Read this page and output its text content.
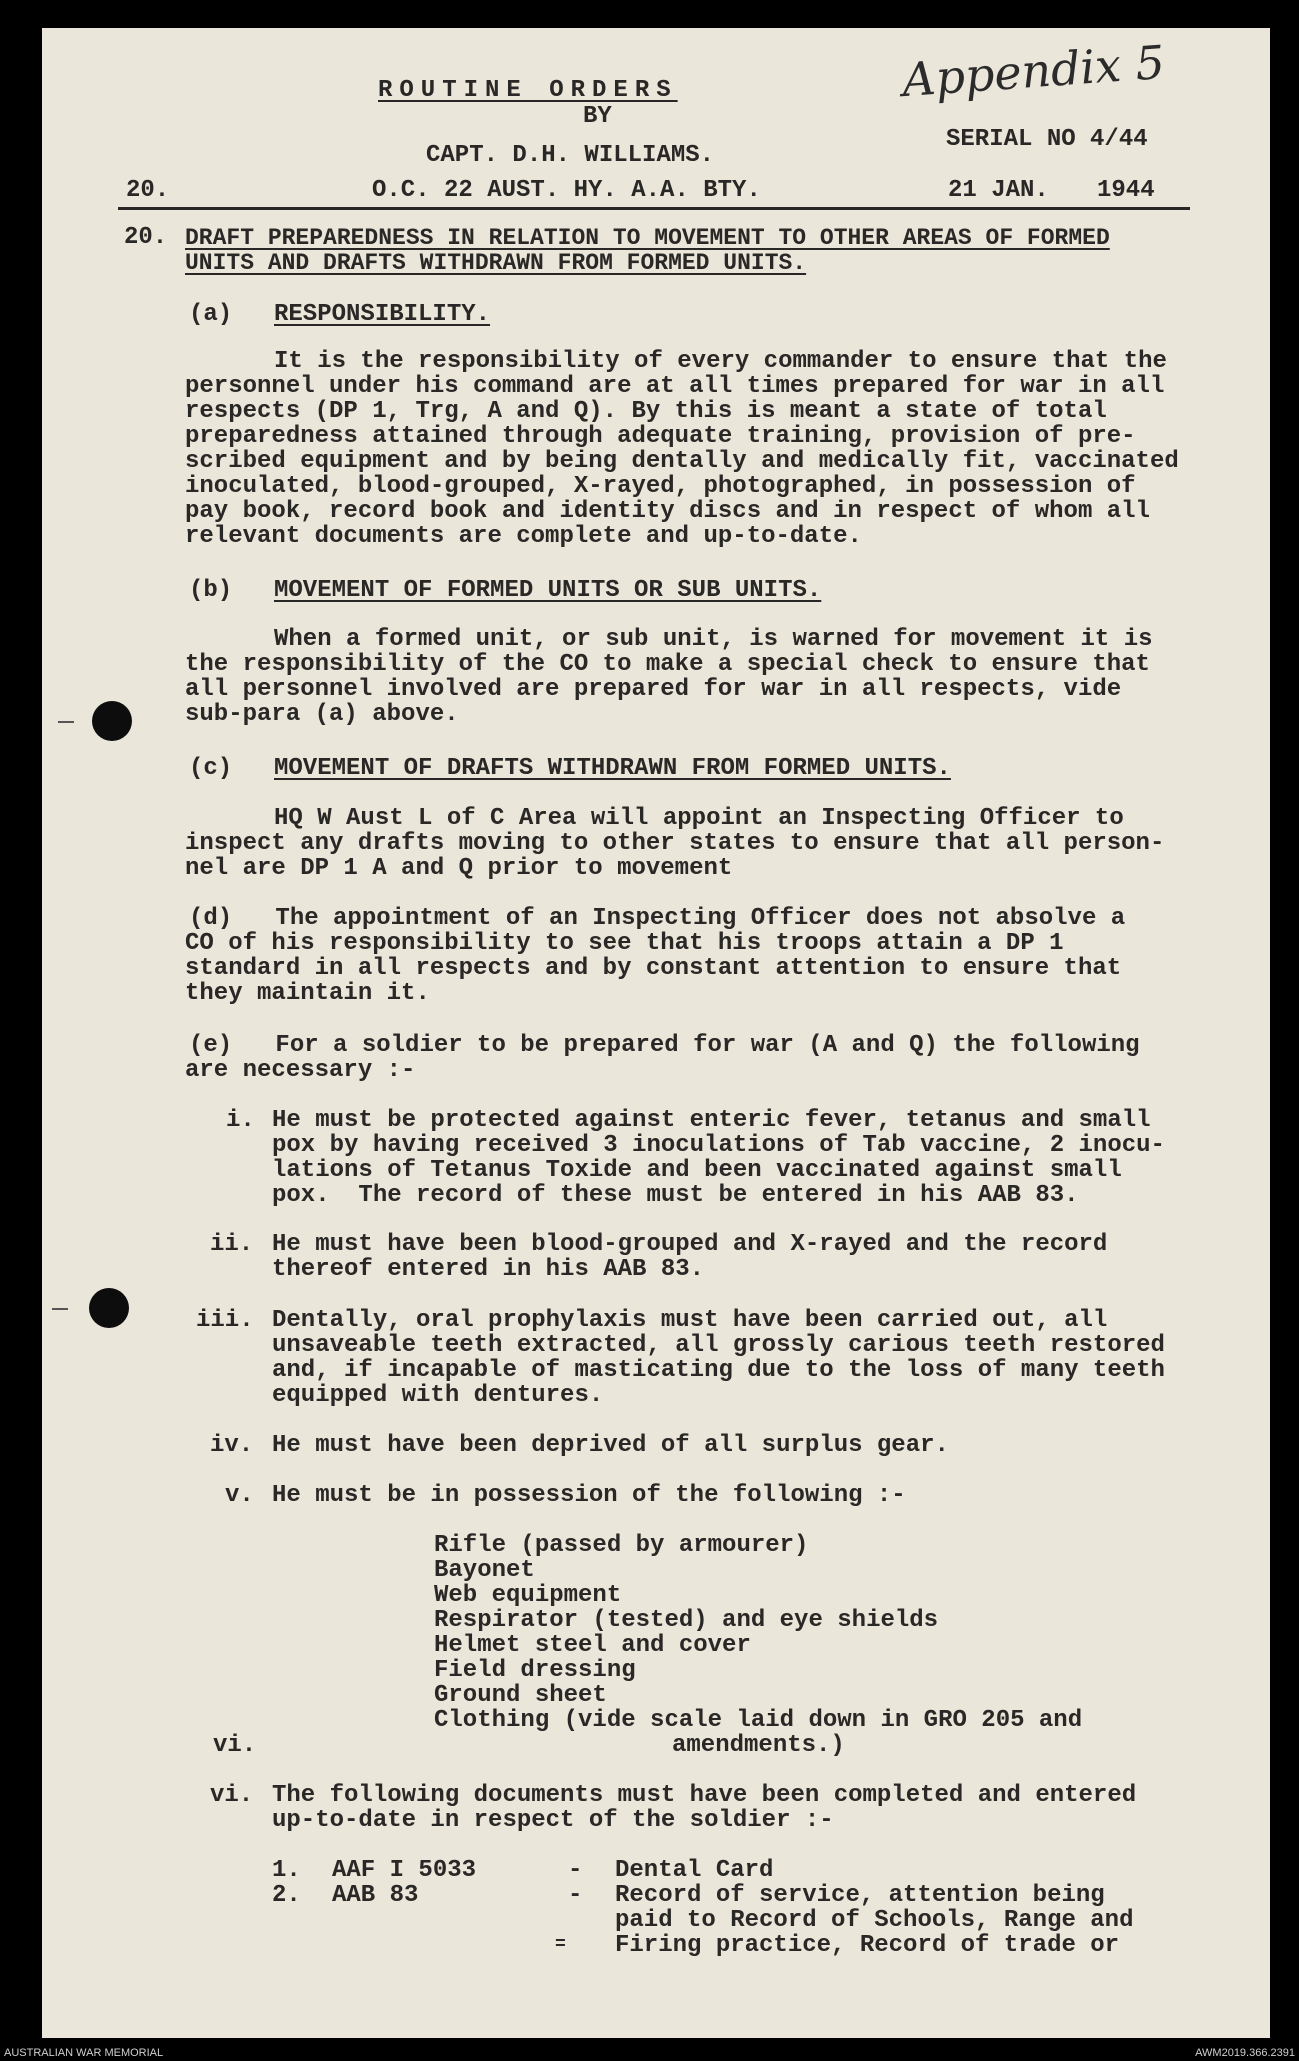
Appendix 5
ROUTINE ORDERS
BY
CAPT. D.H. WILLIAMS.
SERIAL NO 4/44
20.	O.C. 22 AUST. HY. A.A. BTY.	21 JAN. 1944
20. DRAFT PREPAREDNESS IN RELATION TO MOVEMENT TO OTHER AREAS OF FORMED
UNITS AND DRAFTS WITHDRAWN FROM FORMED UNITS.
(a) RESPONSIBILITY.
It is the responsibility of every commander to ensure that the
personnel under his command are at all times prepared for war in all
respects (DP 1, Trg, A and Q). By this is meant a state of total
preparedness attained through adequate training, provision of pre-
scribed equipment and by being dentally and medically fit, vaccinated
inoculated, blood-grouped, X-rayed, photographed, in possession of
pay book, record book and identity discs and in respect of whom all
relevant documents are complete and up-to-date.
(b) MOVEMENT OF FORMED UNITS OR SUB UNITS.
When a formed unit, or sub unit, is warned for movement it is
the responsibility of the CO to make a special check to ensure that
all personnel involved are prepared for war in all respects, vide
sub-para (a) above.
(c) MOVEMENT OF DRAFTS WITHDRAWN FROM FORMED UNITS.
HQ W Aust L of C Area will appoint an Inspecting Officer to
inspect any drafts moving to other states to ensure that all person-
nel are DP 1 A and Q prior to movement
(d)   The appointment of an Inspecting Officer does not absolve a
CO of his responsibility to see that his troops attain a DP 1
standard in all respects and by constant attention to ensure that
they maintain it.
(e)   For a soldier to be prepared for war (A and Q) the following
are necessary :-
i. He must be protected against enteric fever, tetanus and small
pox by having received 3 inoculations of Tab vaccine, 2 inocu-
lations of Tetanus Toxide and been vaccinated against small
pox.  The record of these must be entered in his AAB 83.
ii. He must have been blood-grouped and X-rayed and the record
thereof entered in his AAB 83.
iii. Dentally, oral prophylaxis must have been carried out, all
unsaveable teeth extracted, all grossly carious teeth restored
and, if incapable of masticating due to the loss of many teeth
equipped with dentures.
iv. He must have been deprived of all surplus gear.
v. He must be in possession of the following :-
Rifle (passed by armourer)
Bayonet
Web equipment
Respirator (tested) and eye shields
Helmet steel and cover
Field dressing
Ground sheet
Clothing (vide scale laid down in GRO 205 and
vi.	amendments.)
vi. The following documents must have been completed and entered
up-to-date in respect of the soldier :-
1. AAF I 5033	- Dental Card
2. AAB 83	- Record of service, attention being
paid to Record of Schools, Range and
= Firing practice, Record of trade or
AUSTRALIAN WAR MEMORIAL	AWM2019.366.2391
